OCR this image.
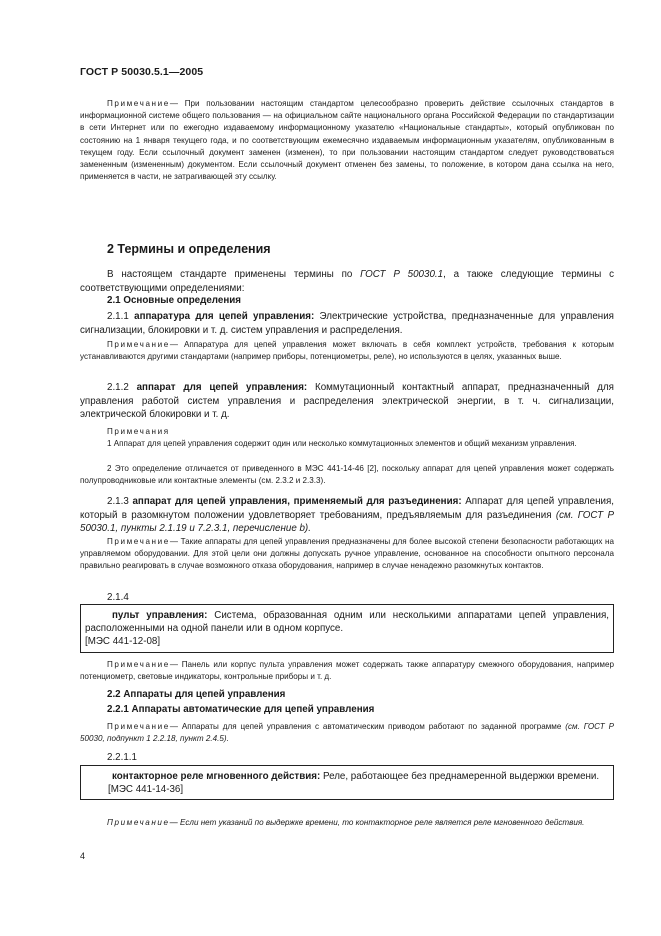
ГОСТ Р 50030.5.1—2005
Примечание— При пользовании настоящим стандартом целесообразно проверить действие ссылочных стандартов в информационной системе общего пользования — на официальном сайте национального органа Российской Федерации по стандартизации в сети Интернет или по ежегодно издаваемому информационному указателю «Национальные стандарты», который опубликован по состоянию на 1 января текущего года, и по соответствующим ежемесячно издаваемым информационным указателям, опубликованным в текущем году. Если ссылочный документ заменен (изменен), то при пользовании настоящим стандартом следует руководствоваться замененным (измененным) документом. Если ссылочный документ отменен без замены, то положение, в котором дана ссылка на него, применяется в части, не затрагивающей эту ссылку.
2 Термины и определения
В настоящем стандарте применены термины по ГОСТ Р 50030.1, а также следующие термины с соответствующими определениями:
2.1 Основные определения
2.1.1 аппаратура для цепей управления: Электрические устройства, предназначенные для управления сигнализации, блокировки и т. д. систем управления и распределения.
Примечание— Аппаратура для цепей управления может включать в себя комплект устройств, требования к которым устанавливаются другими стандартами (например приборы, потенциометры, реле), но используются в целях, указанных выше.
2.1.2 аппарат для цепей управления: Коммутационный контактный аппарат, предназначенный для управления работой систем управления и распределения электрической энергии, в т. ч. сигнализации, электрической блокировки и т. д.
Примечания
1 Аппарат для цепей управления содержит один или несколько коммутационных элементов и общий механизм управления.
2 Это определение отличается от приведенного в МЭС 441-14-46 [2], поскольку аппарат для цепей управления может содержать полупроводниковые или контактные элементы (см. 2.3.2 и 2.3.3).
2.1.3 аппарат для цепей управления, применяемый для разъединения: Аппарат для цепей управления, который в разомкнутом положении удовлетворяет требованиям, предъявляемым для разъединения (см. ГОСТ Р 50030.1, пункты 2.1.19 и 7.2.3.1, перечисление b).
Примечание— Такие аппараты для цепей управления предназначены для более высокой степени безопасности работающих на управляемом оборудовании. Для этой цели они должны допускать ручное управление, основанное на способности опытного персонала правильно реагировать в случае возможного отказа оборудования, например в случае ненадежно разомкнутых контактов.
2.1.4
пульт управления: Система, образованная одним или несколькими аппаратами цепей управления, расположенными на одной панели или в одном корпусе.
[МЭС 441-12-08]
Примечание— Панель или корпус пульта управления может содержать также аппаратуру смежного оборудования, например потенциометр, световые индикаторы, контрольные приборы и т. д.
2.2 Аппараты для цепей управления
2.2.1 Аппараты автоматические для цепей управления
Примечание— Аппараты для цепей управления с автоматическим приводом работают по заданной программе (см. ГОСТ Р 50030, подпункт 1 2.2.18, пункт 2.4.5).
2.2.1.1
контакторное реле мгновенного действия: Реле, работающее без преднамеренной выдержки времени.
[МЭС 441-14-36]
Примечание— Если нет указаний по выдержке времени, то контакторное реле является реле мгновенного действия.
4
